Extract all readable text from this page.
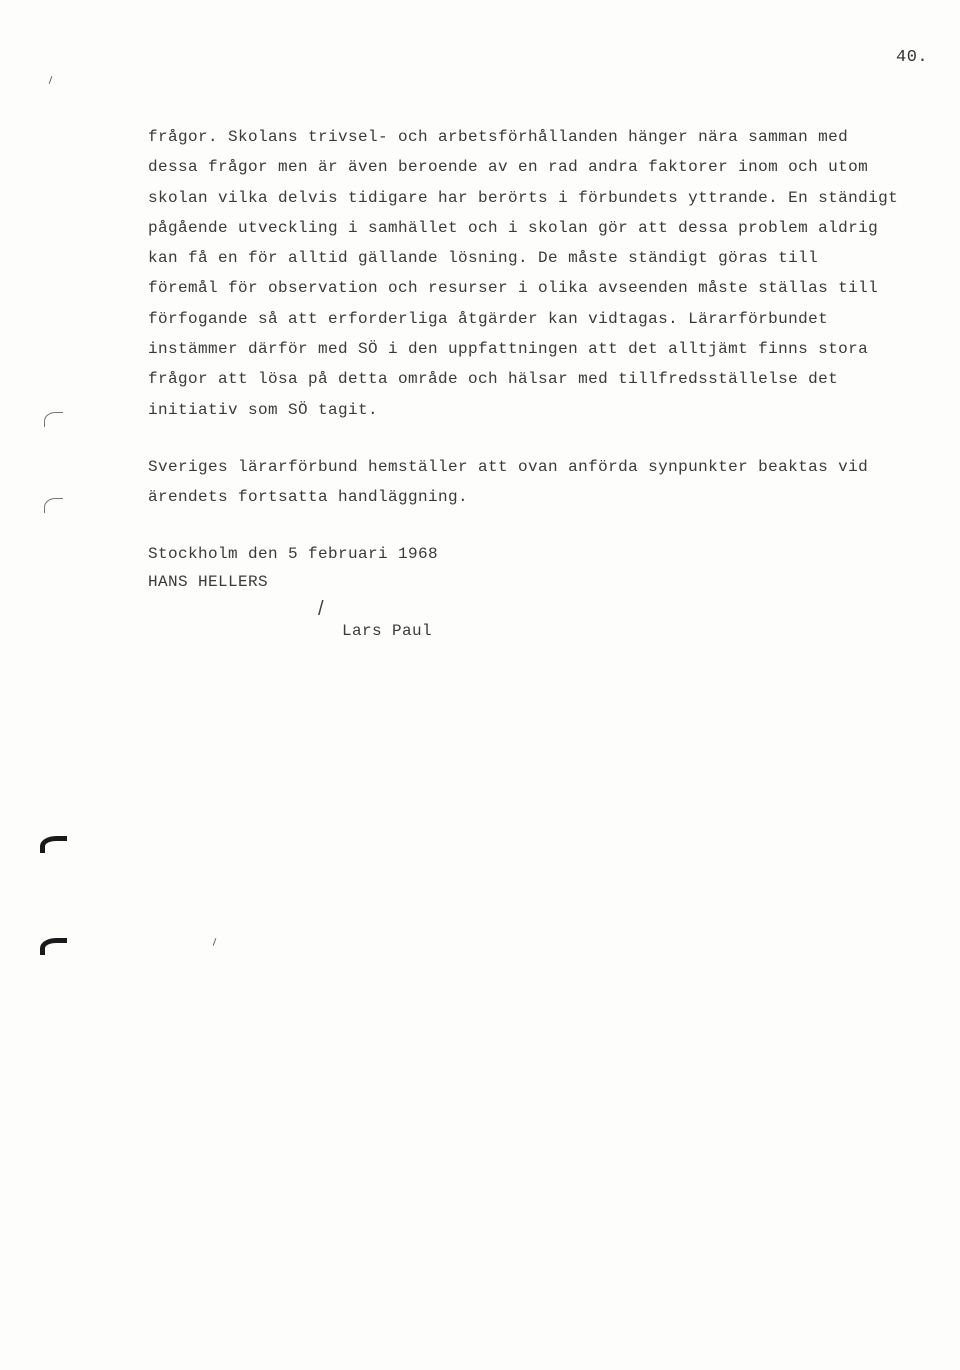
40.
frågor. Skolans trivsel- och arbetsförhållanden hänger nära samman med
dessa frågor men är även beroende av en rad andra faktorer inom och utom
skolan vilka delvis tidigare har berörts i förbundets yttrande. En ständigt
pågående utveckling i samhället och i skolan gör att dessa problem aldrig
kan få en för alltid gällande lösning. De måste ständigt göras till
föremål för observation och resurser i olika avseenden måste ställas till
förfogande så att erforderliga åtgärder kan vidtagas. Lärarförbundet
instämmer därför med SÖ i den uppfattningen att det alltjämt finns stora
frågor att lösa på detta område och hälsar med tillfredsställelse det
initiativ som SÖ tagit.
Sveriges lärarförbund hemställer att ovan anförda synpunkter beaktas vid
ärendets fortsatta handläggning.
Stockholm den 5 februari 1968
HANS HELLERS
/
Lars Paul
